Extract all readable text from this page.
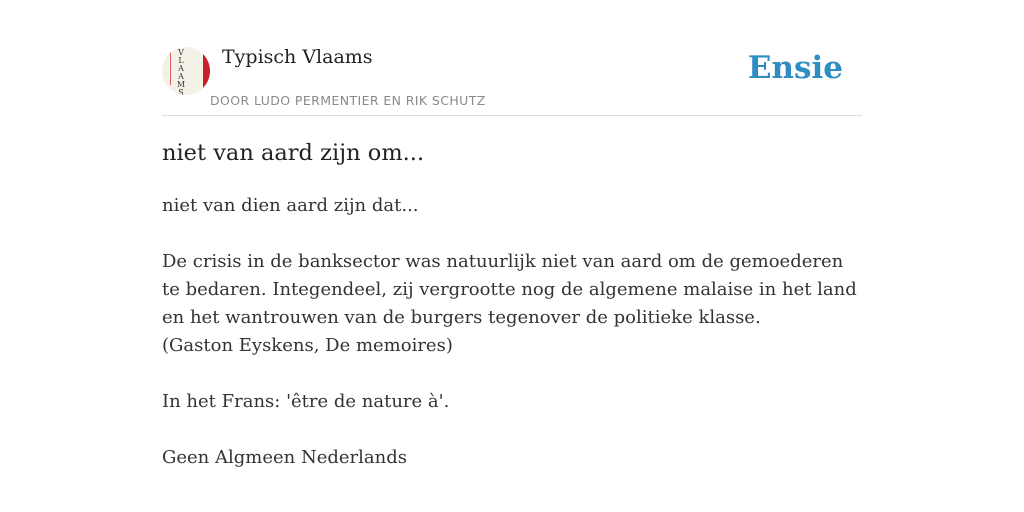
V
L
A
A
M
S
Typisch Vlaams
DOOR LUDO PERMENTIER EN RIK SCHUTZ
Ensie
niet van aard zijn om...

niet van dien aard zijn dat...

De crisis in de banksector was natuurlijk niet van aard om de gemoederen te bedaren. Integendeel, zij vergrootte nog de algemene malaise in het land en het wantrouwen van de burgers tegenover de politieke klasse.

(Gaston Eyskens, De memoires)

In het Frans: 'être de nature à'.

Geen Algmeen Nederlands
